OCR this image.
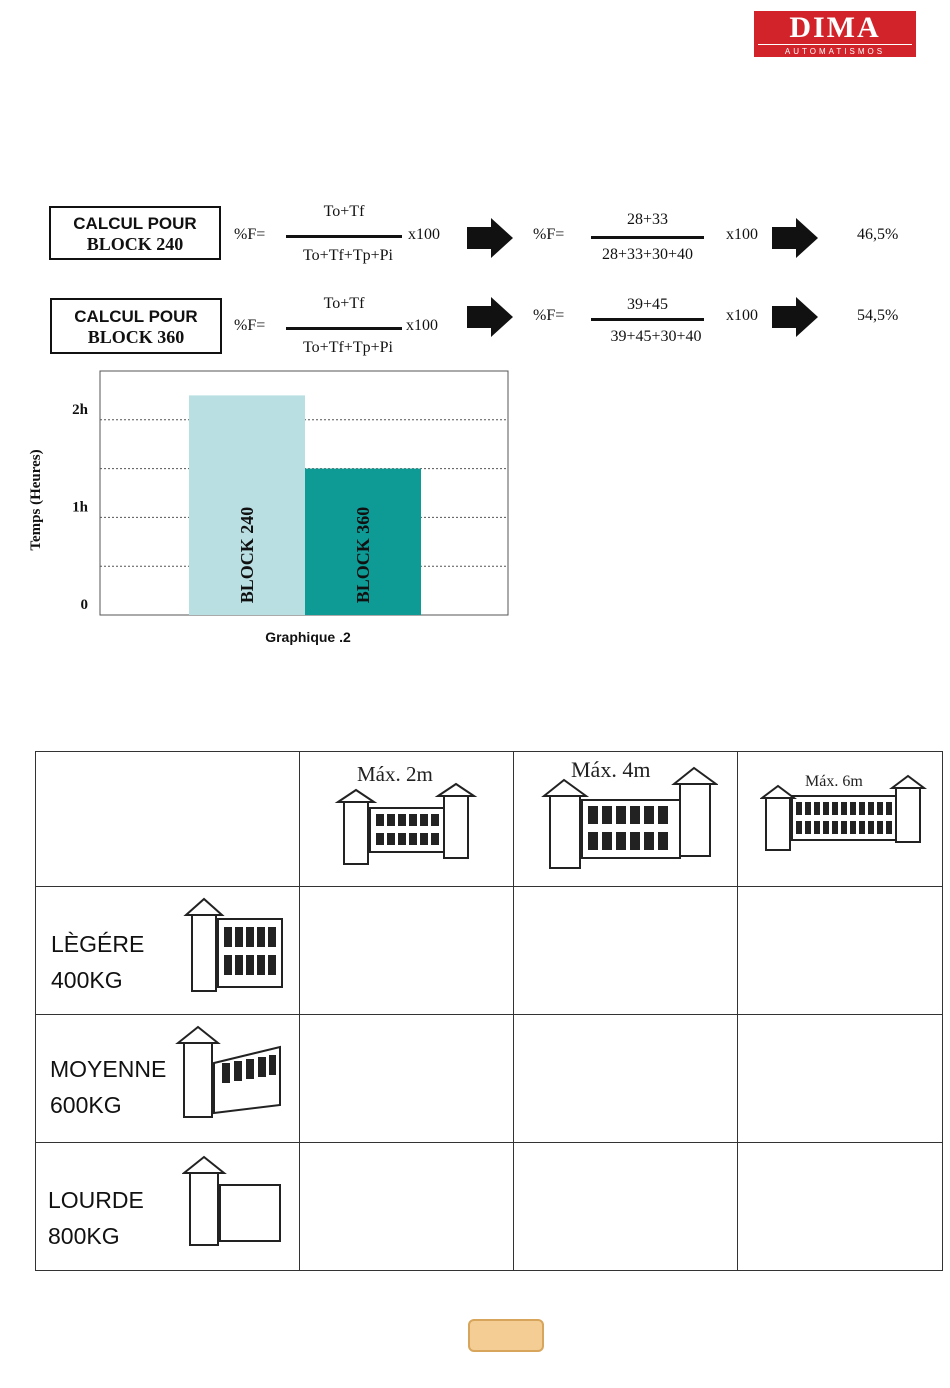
DIMA
AUTOMATISMOS
CALCUL POUR
BLOCK 240	%F=
To+Tf
To+Tf+Tp+Pi
x100	%F=
28+33
28+33+30+40
x100	46,5%
CALCUL POUR
BLOCK 360
%F=
To+Tf
To+Tf+Tp+Pi
x100
%F=
39+45
39+45+30+40
x100	54,5%
BLOCK 240	BLOCK 360
0
1h
2h
Graphique .2
Temps (Heures)

	Máx. 2m	Máx. 4m	Máx. 6m

LÈGÉRE
400KG			

MOYENNE
600KG			

LOURDE
800KG			
